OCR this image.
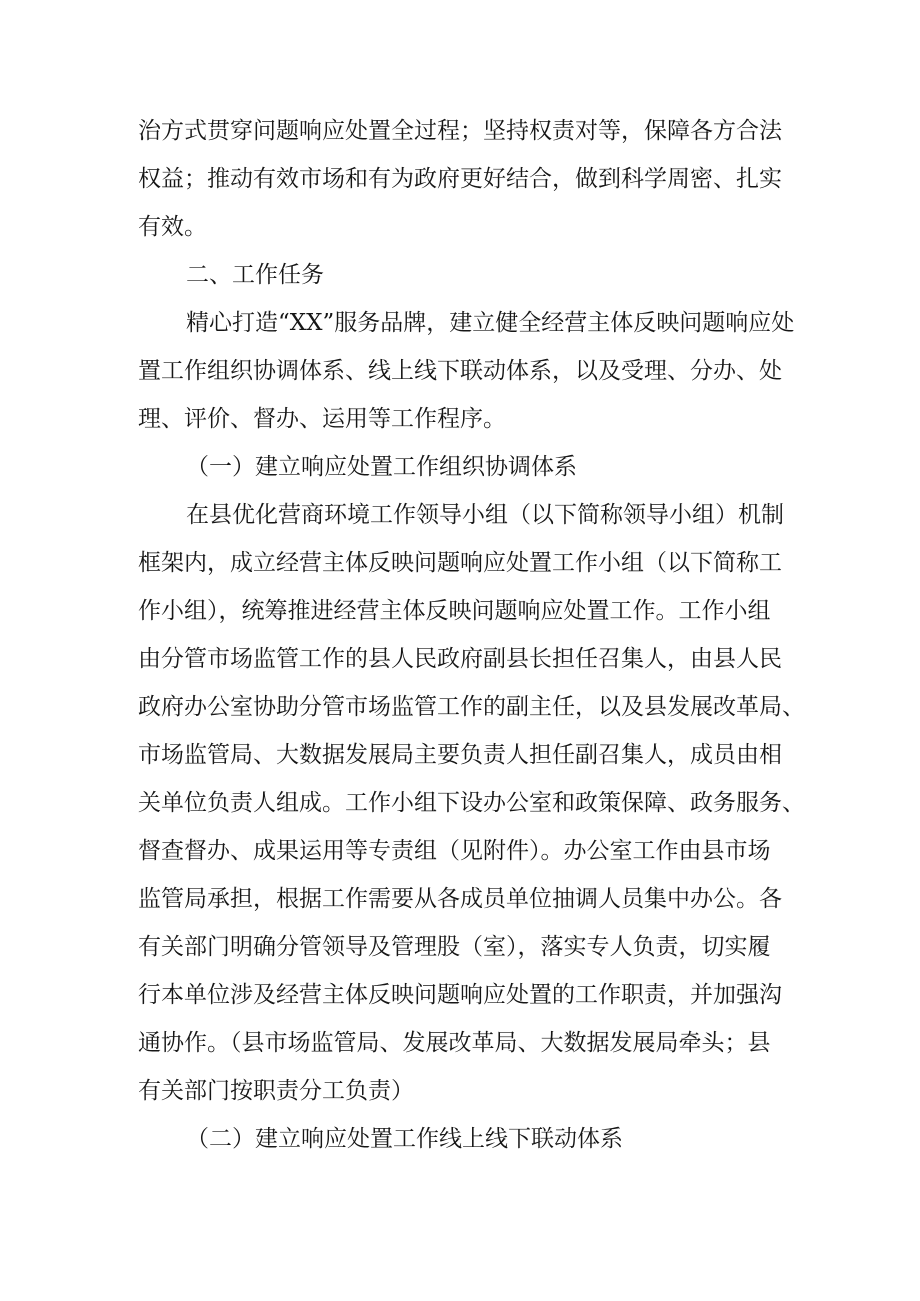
治方式贯穿问题响应处置全过程；坚持权责对等，保障各方合法
权益；推动有效市场和有为政府更好结合，做到科学周密、扎实
有效。
二、工作任务
精心打造“XX”服务品牌，建立健全经营主体反映问题响应处
置工作组织协调体系、线上线下联动体系，以及受理、分办、处
理、评价、督办、运用等工作程序。
（一）建立响应处置工作组织协调体系
在县优化营商环境工作领导小组（以下简称领导小组）机制
框架内，成立经营主体反映问题响应处置工作小组（以下简称工
作小组），统筹推进经营主体反映问题响应处置工作。工作小组
由分管市场监管工作的县人民政府副县长担任召集人，由县人民
政府办公室协助分管市场监管工作的副主任，以及县发展改革局、
市场监管局、大数据发展局主要负责人担任副召集人，成员由相
关单位负责人组成。工作小组下设办公室和政策保障、政务服务、
督查督办、成果运用等专责组（见附件）。办公室工作由县市场
监管局承担，根据工作需要从各成员单位抽调人员集中办公。各
有关部门明确分管领导及管理股（室），落实专人负责，切实履
行本单位涉及经营主体反映问题响应处置的工作职责，并加强沟
通协作。（县市场监管局、发展改革局、大数据发展局牵头；县
有关部门按职责分工负责）
（二）建立响应处置工作线上线下联动体系
